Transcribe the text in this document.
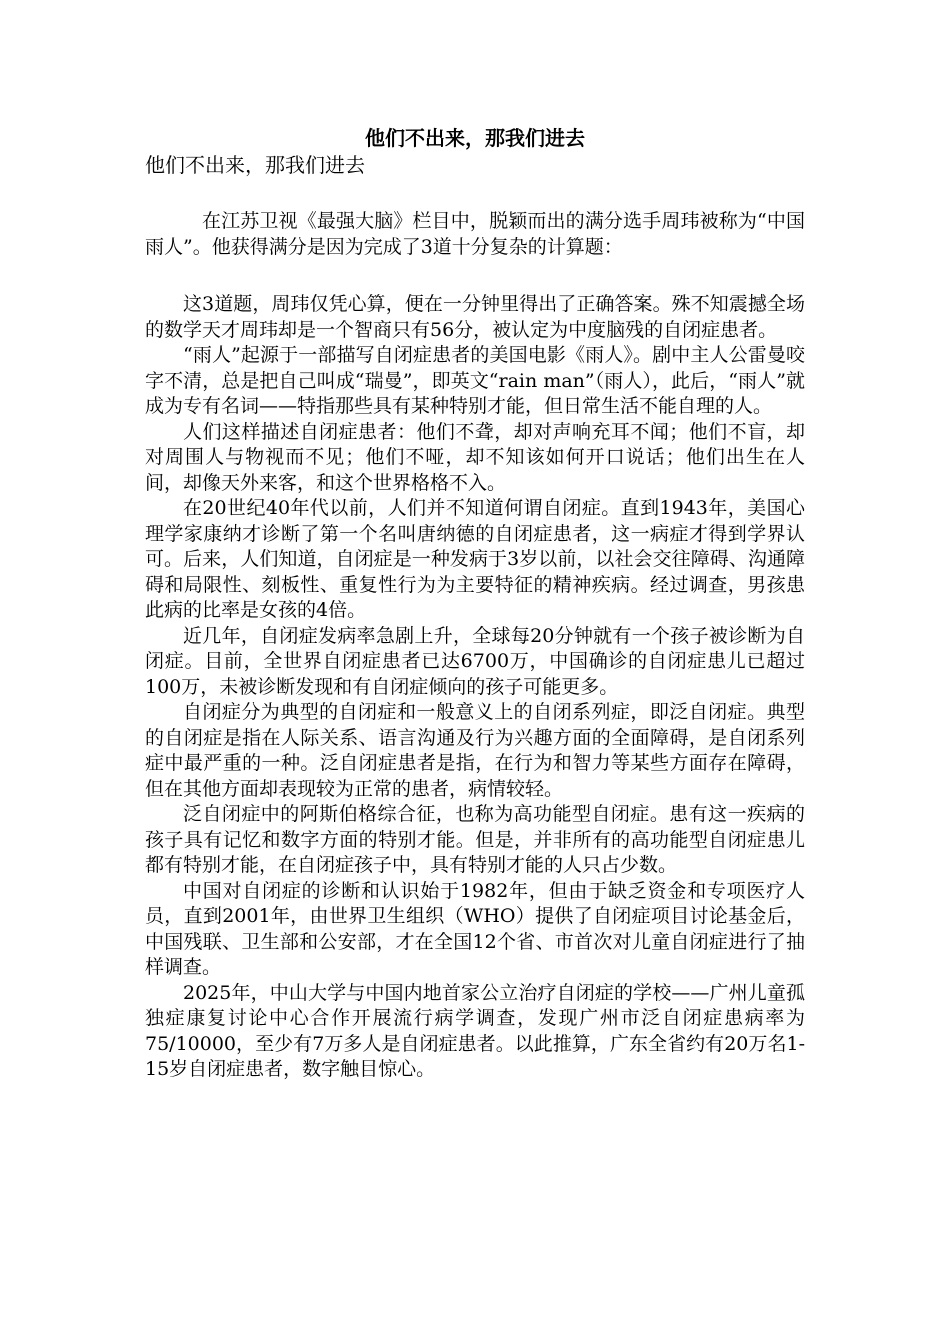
他们不出来，那我们进去

他们不出来，那我们进去

在江苏卫视《最强大脑》栏目中，脱颖而出的满分选手周玮被称为“中国雨人”。他获得满分是因为完成了3道十分复杂的计算题：

这3道题，周玮仅凭心算，便在一分钟里得出了正确答案。殊不知震撼全场的数学天才周玮却是一个智商只有56分，被认定为中度脑残的自闭症患者。

“雨人”起源于一部描写自闭症患者的美国电影《雨人》。剧中主人公雷曼咬字不清，总是把自己叫成“瑞曼”，即英文“rain man”（雨人），此后，“雨人”就成为专有名词——特指那些具有某种特别才能，但日常生活不能自理的人。

人们这样描述自闭症患者：他们不聋，却对声响充耳不闻；他们不盲，却对周围人与物视而不见；他们不哑，却不知该如何开口说话；他们出生在人间，却像天外来客，和这个世界格格不入。

在20世纪40年代以前，人们并不知道何谓自闭症。直到1943年，美国心理学家康纳才诊断了第一个名叫唐纳德的自闭症患者，这一病症才得到学界认可。后来，人们知道，自闭症是一种发病于3岁以前，以社会交往障碍、沟通障碍和局限性、刻板性、重复性行为为主要特征的精神疾病。经过调查，男孩患此病的比率是女孩的4倍。

近几年，自闭症发病率急剧上升，全球每20分钟就有一个孩子被诊断为自闭症。目前，全世界自闭症患者已达6700万，中国确诊的自闭症患儿已超过100万，未被诊断发现和有自闭症倾向的孩子可能更多。

自闭症分为典型的自闭症和一般意义上的自闭系列症，即泛自闭症。典型的自闭症是指在人际关系、语言沟通及行为兴趣方面的全面障碍，是自闭系列症中最严重的一种。泛自闭症患者是指，在行为和智力等某些方面存在障碍，但在其他方面却表现较为正常的患者，病情较轻。

泛自闭症中的阿斯伯格综合征，也称为高功能型自闭症。患有这一疾病的孩子具有记忆和数字方面的特别才能。但是，并非所有的高功能型自闭症患儿都有特别才能，在自闭症孩子中，具有特别才能的人只占少数。

中国对自闭症的诊断和认识始于1982年，但由于缺乏资金和专项医疗人员，直到2001年，由世界卫生组织（WHO）提供了自闭症项目讨论基金后，中国残联、卫生部和公安部，才在全国12个省、市首次对儿童自闭症进行了抽样调查。

2025年，中山大学与中国内地首家公立治疗自闭症的学校——广州儿童孤独症康复讨论中心合作开展流行病学调查，发现广州市泛自闭症患病率为75/10000，至少有7万多人是自闭症患者。以此推算，广东全省约有20万名1-15岁自闭症患者，数字触目惊心。
